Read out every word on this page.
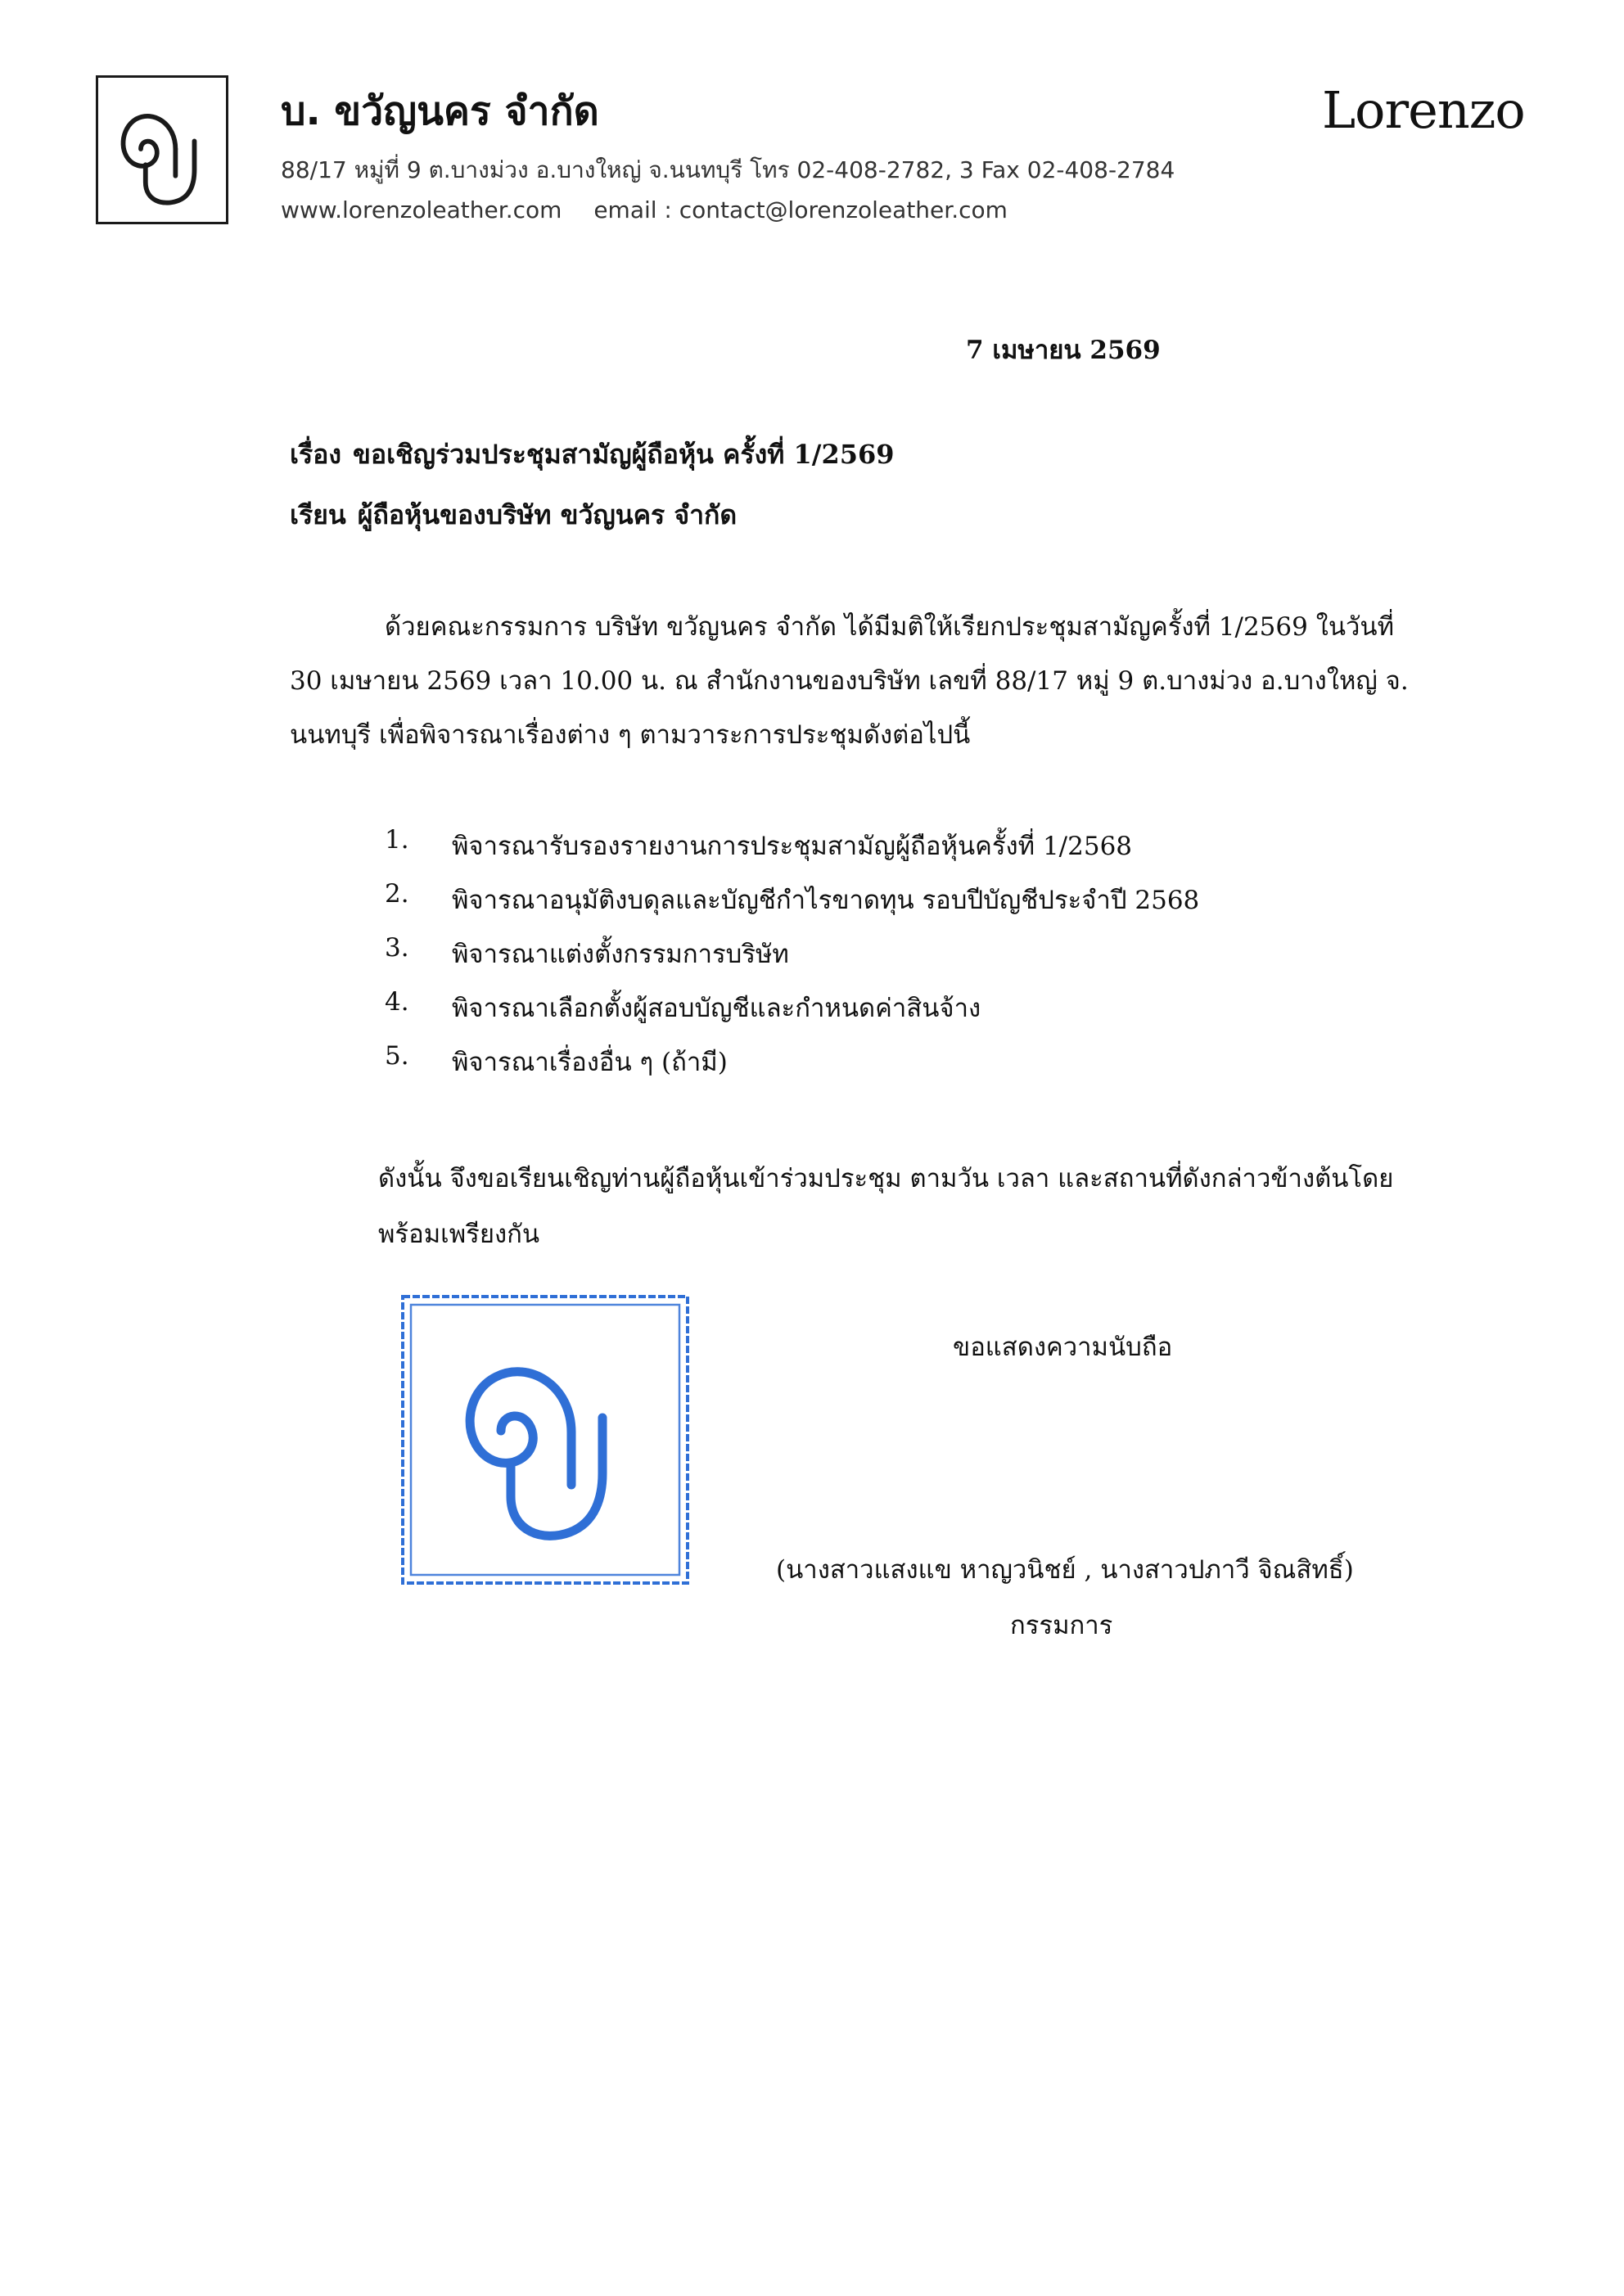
บ. ขวัญนคร จำกัด
88/17 หมู่ที่ 9 ต.บางม่วง อ.บางใหญ่ จ.นนทบุรี โทร 02-408-2782, 3 Fax 02-408-2784
www.lorenzoleather.com email : contact@lorenzoleather.com
Lorenzo
7 เมษายน 2569
เรื่อง ขอเชิญร่วมประชุมสามัญผู้ถือหุ้น ครั้งที่ 1/2569
เรียน ผู้ถือหุ้นของบริษัท ขวัญนคร จำกัด
ด้วยคณะกรรมการ บริษัท ขวัญนคร จำกัด ได้มีมติให้เรียกประชุมสามัญครั้งที่ 1/2569 ในวันที่
30 เมษายน 2569 เวลา 10.00 น. ณ สำนักงานของบริษัท เลขที่ 88/17 หมู่ 9 ต.บางม่วง อ.บางใหญ่ จ.
นนทบุรี เพื่อพิจารณาเรื่องต่าง ๆ ตามวาระการประชุมดังต่อไปนี้
1. พิจารณารับรองรายงานการประชุมสามัญผู้ถือหุ้นครั้งที่ 1/2568
2. พิจารณาอนุมัติงบดุลและบัญชีกำไรขาดทุน รอบปีบัญชีประจำปี 2568
3. พิจารณาแต่งตั้งกรรมการบริษัท
4. พิจารณาเลือกตั้งผู้สอบบัญชีและกำหนดค่าสินจ้าง
5. พิจารณาเรื่องอื่น ๆ (ถ้ามี)
ดังนั้น จึงขอเรียนเชิญท่านผู้ถือหุ้นเข้าร่วมประชุม ตามวัน เวลา และสถานที่ดังกล่าวข้างต้นโดย
พร้อมเพรียงกัน
ขอแสดงความนับถือ
(นางสาวแสงแข หาญวนิชย์ , นางสาวปภาวี จิณสิทธิ์)
กรรมการ
